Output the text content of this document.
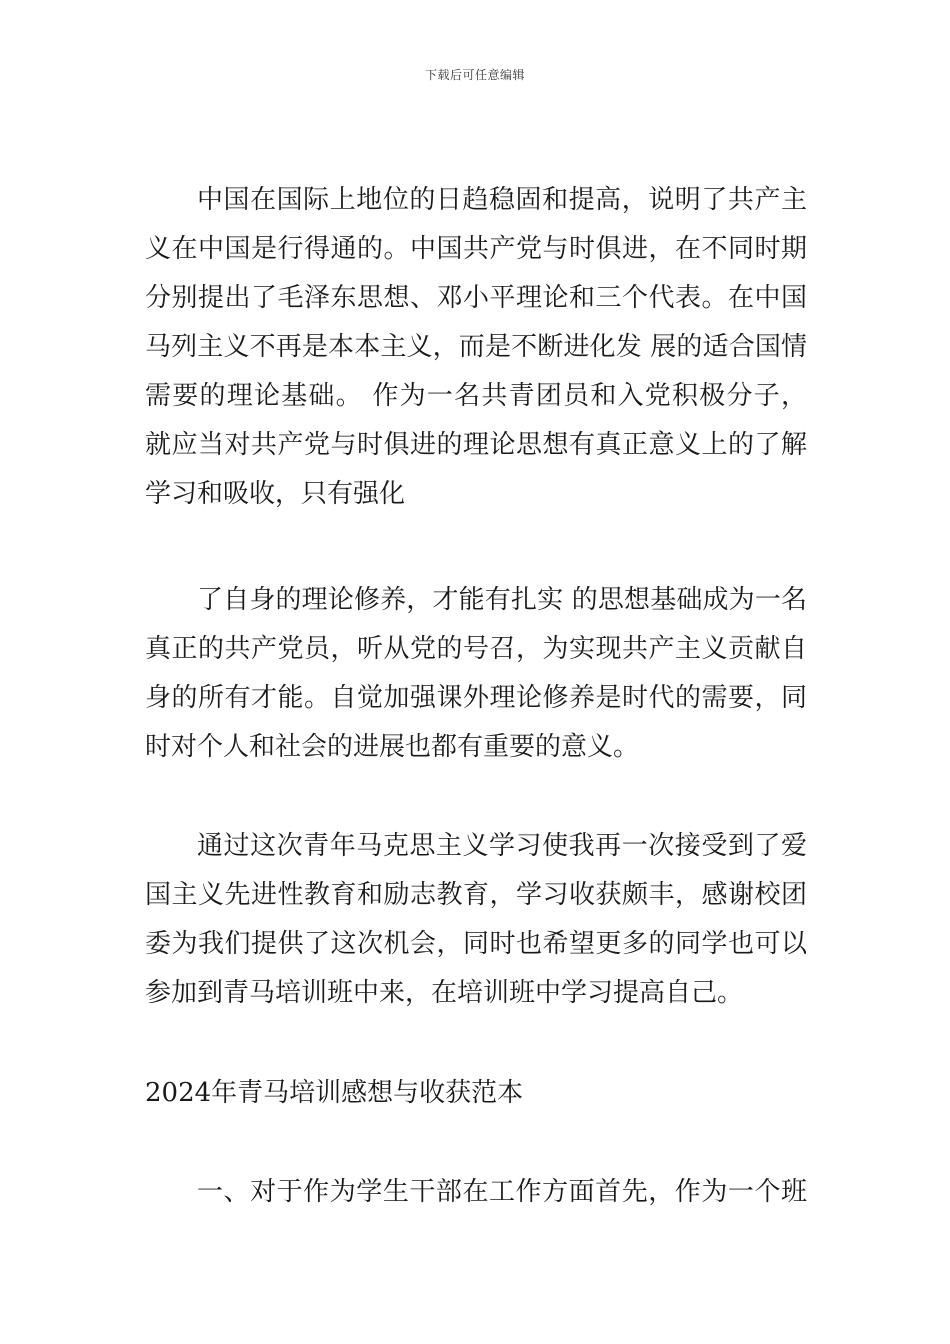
下载后可任意编辑
中国在国际上地位的日趋稳固和提高，说明了共产主
义在中国是行得通的。中国共产党与时俱进，在不同时期
分别提出了毛泽东思想、邓小平理论和三个代表。在中国
马列主义不再是本本主义，而是不断进化发 展的适合国情
需要的理论基础。 作为一名共青团员和入党积极分子，
就应当对共产党与时俱进的理论思想有真正意义上的了解
学习和吸收，只有强化
了自身的理论修养，才能有扎实 的思想基础成为一名
真正的共产党员，听从党的号召，为实现共产主义贡献自
身的所有才能。自觉加强课外理论修养是时代的需要，同
时对个人和社会的进展也都有重要的意义。
通过这次青年马克思主义学习使我再一次接受到了爱
国主义先进性教育和励志教育，学习收获颇丰，感谢校团
委为我们提供了这次机会，同时也希望更多的同学也可以
参加到青马培训班中来，在培训班中学习提高自己。
2024年青马培训感想与收获范本
一、对于作为学生干部在工作方面首先，作为一个班
